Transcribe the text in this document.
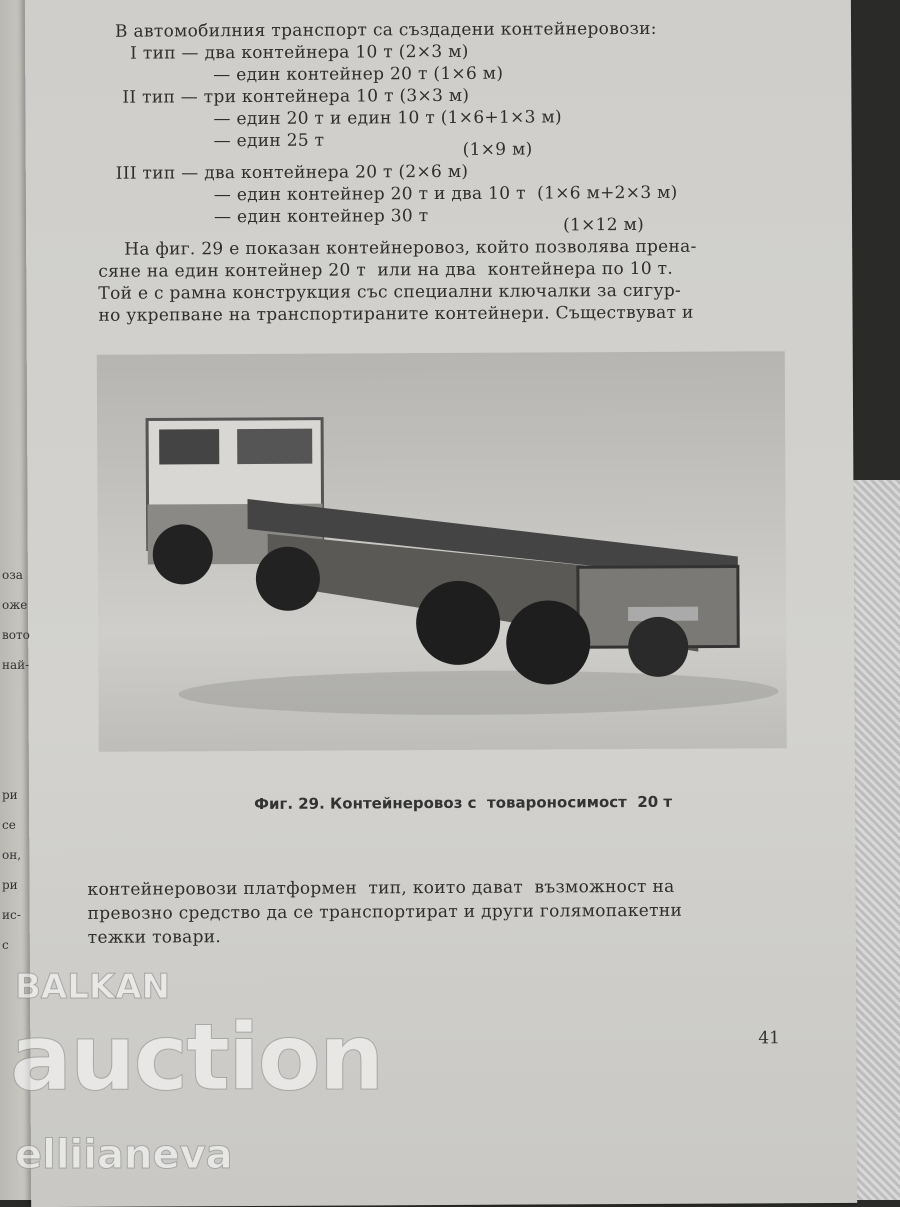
В автомобилния транспорт са създадени контейнеровози:
I тип — два контейнера 10 т (2×3 м)
— един контейнер 20 т (1×6 м)
II тип — три контейнера 10 т (3×3 м)
— един 20 т и един 10 т (1×6+1×3 м)
— един 25 т	(1×9 м)
III тип — два контейнера 20 т (2×6 м)
— един контейнер 20 т и два 10 т  (1×6 м+2×3 м)
— един контейнер 30 т	(1×12 м)
На фиг. 29 е показан контейнеровоз, който позволява прена-
сяне на един контейнер 20 т  или на два  контейнера по 10 т.
Той е с рамна конструкция със специални ключалки за сигур-
но укрепване на транспортираните контейнери. Съществуват и
Фиг. 29. Контейнеровоз с  товароносимост  20 т
контейнеровози платформен  тип, които дават  възможност на
превозно средство да се транспортират и други голямопакетни
тежки товари.
41
оза
оже
вото
най-
ри
се
он,
ри
ис-
с
BALKAN
auction
elliianeva
